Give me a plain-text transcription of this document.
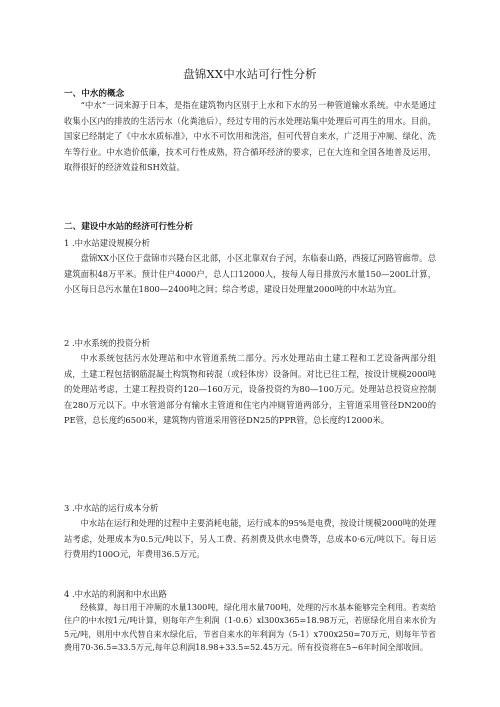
盘锦XX中水站可行性分析
一、中水的概念

“中水”一词来源于日本，是指在建筑物内区别于上水和下水的另一种管道输水系统。中水是通过收集小区内的排放的生活污水（化粪池后），经过专用的污水处理站集中处理后可再生的用水。目前，国家已经制定了《中水水质标准》，中水不可饮用和洗浴，但可代替自来水，广泛用于冲厕、绿化、洗车等行业。中水造价低廉，技术可行性成熟，符合循环经济的要求，已在大连和全国各地普及运用，取得很好的经济效益和SH效益。

二、建设中水站的经济可行性分析
1 .中水站建设规模分析

盘锦XX小区位于盘锦市兴隆台区北部，小区北靠双台子河，东临泰山路，西接辽河路管廊带。总建筑面积48万平米。预计住户4000户，总人口12000人，按每人每日排放污水量150—200L计算，小区每日总污水量在1800—2400吨之间；综合考虑，建设日处理量2000吨的中水站为宜。

2 .中水系统的投资分析

中水系统包括污水处理站和中水管道系统二部分。污水处理站由土建工程和工艺设备两部分组成，土建工程包括钢筋混凝土构筑物和砖混（或轻体房）设备间。对比已往工程，按设计规模2000吨的处理站考虑，土建工程投资约120—160万元，设备投资约为80—100万元。处理站总投资应控制在280万元以下。中水管道部分有输水主管道和住宅内冲厕管道两部分，主管道采用管径DN200的PE管，总长度约6500米，建筑物内管道采用管径DN25的PPR管，总长度约12000米。

3 .中水站的运行成本分析

中水站在运行和处理的过程中主要消耗电能，运行成本的95%是电费，按设计规模2000吨的处理站考虑，处理成本为0.5元/吨以下，另人工费、药剂费及供水电费等，总成本0·6元/吨以下。每日运行费用约100O元，年费用36.5万元。

4 .中水站的利润和中水出路

经核算，每日用于冲厕的水量1300吨，绿化用水量700吨，处理的污水基本能够完全利用。若卖给住户的中水按1元/吨计算，则每年产生利润（1-0.6）xl300x365=18.98万元，若原绿化用自来水价为5元/吨，则用中水代替自来水绿化后，节省自来水的年利润为（5-1）x700x250=70万元，则每年节省费用70-36.5=33.5万元,每年总利润18.98+33.5=52.45万元。所有投资将在5~6年时间全部收回。
